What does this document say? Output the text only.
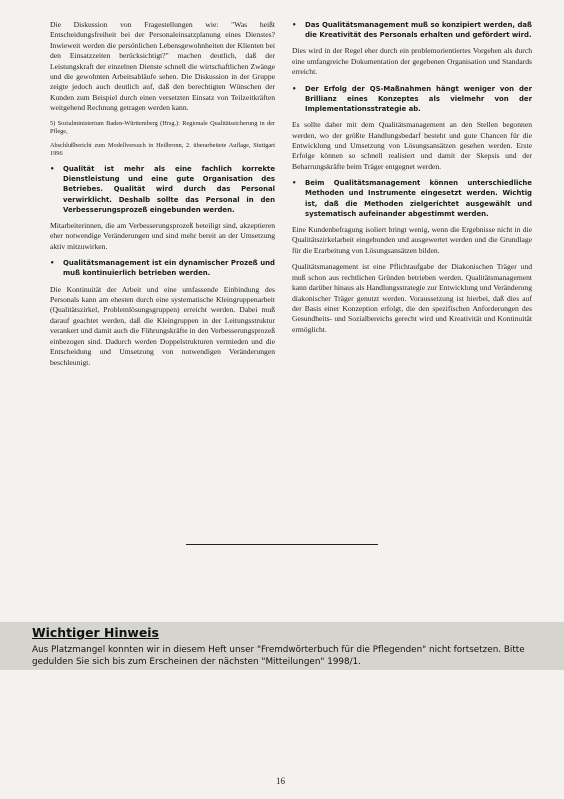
Die Diskussion von Fragestellungen wie: "Was heißt Entscheidungsfreiheit bei der Personaleinsatzplanung eines Dienstes? Inwieweit werden die persönlichen Lebensgewohnheiten der Klienten bei den Einsatzzeiten berücksichtigt?" machen deutlich, daß der Leistungskraft der einzelnen Dienste schnell die wirtschaftlichen Zwänge und die gewohnten Arbeitsabläufe sehen. Die Diskussion in der Gruppe zeigte jedoch auch deutlich auf, daß den berechtigten Wünschen der Kunden zum Beispiel durch einen versetzten Einsatz von Teilzeitkräften weitgehend Rechnung getragen werden kann.

5) Sozialministerium Baden-Württemberg (Hrsg.): Regionale Qualitätssicherung in der Pflege,

Abschlußbericht zum Modellversuch in Heilbronn, 2. überarbeitete Auflage, Stuttgart 1996

• Qualität ist mehr als eine fachlich korrekte Dienstleistung und eine gute Organisation des Betriebes. Qualität wird durch das Personal verwirklicht. Deshalb sollte das Personal in den Verbesserungsprozeß eingebunden werden.

Mitarbeiterinnen, die am Verbesserungsprozeß beteiligt sind, akzeptieren eher notwendige Veränderungen und sind mehr bereit an der Umsetzung aktiv mitzuwirken.

• Qualitätsmanagement ist ein dynamischer Prozeß und muß kontinuierlich betrieben werden.

Die Kontinuität der Arbeit und eine umfassende Einbindung des Personals kann am ehesten durch eine systematische Kleingruppenarbeit (Qualitätszirkel, Problemlösungsgruppen) erreicht werden. Dabei muß darauf geachtet werden, daß die Kleingruppen in der Leitungsstruktur verankert und damit auch die Führungskräfte in den Verbesserungsprozeß einbezogen sind. Dadurch werden Doppelstrukturen vermieden und die Entscheidung und Umsetzung von notwendigen Veränderungen beschleunigt.

• Das Qualitätsmanagement muß so konzipiert werden, daß die Kreativität des Personals erhalten und gefördert wird.

Dies wird in der Regel eher durch ein problemorientiertes Vorgehen als durch eine umfangreiche Dokumentation der gegebenen Organisation und Standards erreicht.

• Der Erfolg der QS-Maßnahmen hängt weniger von der Brillianz eines Konzeptes als vielmehr von der Implementationsstrategie ab.

Es sollte daher mit dem Qualitätsmanagement an den Stellen begonnen werden, wo der größte Handlungsbedarf besteht und gute Chancen für die Entwicklung und Umsetzung von Lösungsansätzen gesehen werden. Erste Erfolge können so schnell realisiert und damit der Skepsis und der Beharrungskräfte beim Träger entgegnet werden.

• Beim Qualitätsmanagement können unterschiedliche Methoden und Instrumente eingesetzt werden. Wichtig ist, daß die Methoden zielgerichtet ausgewählt und systematisch aufeinander abgestimmt werden.

Eine Kundenbefragung isoliert bringt wenig, wenn die Ergebnisse nicht in die Qualitätszirkelarbeit eingebunden und ausgewertet werden und die Grundlage für die Erarbeitung von Lösungsansätzen bilden.

Qualitätsmanagement ist eine Pflichtaufgabe der Diakonischen Träger und muß schon aus rechtlichen Gründen betrieben werden. Qualitätsmanagement kann darüber hinaus als Handlungsstrategie zur Entwicklung und Veränderung diakonischer Träger genutzt werden. Voraussetzung ist hierbei, daß dies auf der Basis einer Konzeption erfolgt, die den spezifischen Anforderungen des Gesundheits- und Sozialbereichs gerecht wird und Kreativität und Kontinuität ermöglicht.

Wichtiger Hinweis
Aus Platzmangel konnten wir in diesem Heft unser "Fremdwörterbuch für die Pflegenden" nicht fortsetzen. Bitte gedulden Sie sich bis zum Erscheinen der nächsten "Mitteilungen" 1998/1.
16
